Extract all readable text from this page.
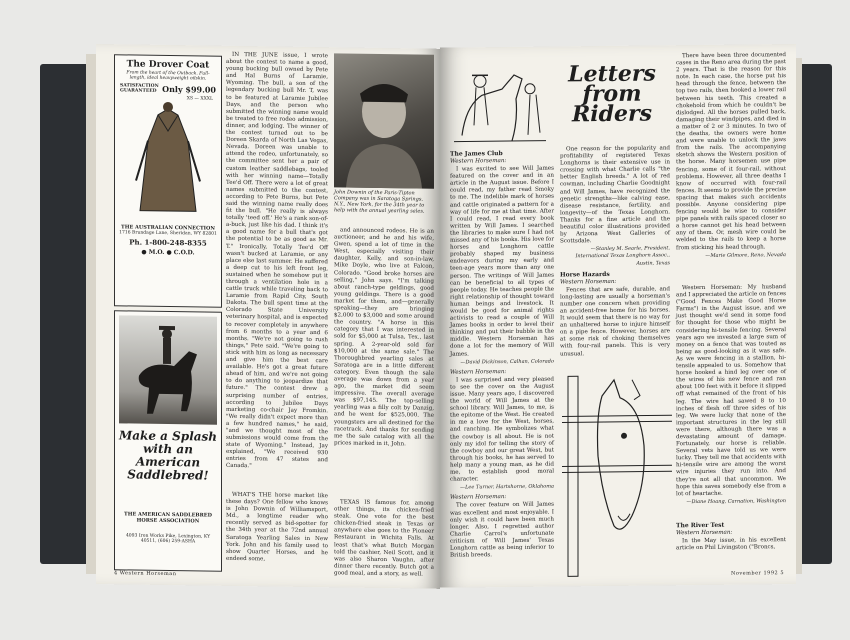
The Drover Coat
From the heart of the Outback. Full-length, ideal heavyweight oilskin.
SATISFACTION GUARANTEED Only $99.00
XS — XXXL
THE AUSTRALIAN CONNECTION
1716 Brundage Lane, Sheridan, WY 82801
Ph. 1-800-248-8355
● M.O. ● C.O.D.
Make a Splash with an American Saddlebred!
THE AMERICAN SADDLEBRED HORSE ASSOCIATION
4093 Iron Works Pike, Lexington, KY 40511, (606) 259-ASHA

IN THE JUNE issue, I wrote about the contest to name a good, young bucking bull owned by Pete and Hal Burns of Laramie, Wyoming. The bull, a son of the legendary bucking bull Mr. T, was to be featured at Laramie Jubilee Days, and the person who submitted the winning name would be treated to free rodeo admission, dinner, and lodging. The winner of the contest turned out to be Doreen Skarda of North Las Vegas, Nevada. Doreen was unable to attend the rodeo, unfortunately, so the committee sent her a pair of custom leather saddlebags, tooled with her winning name—Totally Tee'd Off. There were a lot of great names submitted to the contest, according to Pete Burns, but Pete said the winning name really does fit the bull. "He really is always totally 'teed off.' He's a rank son-of-a-buck, just like his dad. I think it's a good name for a bull that's got the potential to be as good as Mr. T." Ironically, Totally Tee'd Off wasn't bucked at Laramie, or any place else last summer. He suffered a deep cut to his left front leg, sustained when he somehow put it through a ventilation hole in a cattle truck while traveling back to Laramie from Rapid City, South Dakota. The bull spent time at the Colorado State University veterinary hospital, and is expected to recover completely in anywhere from 6 months to a year and 6 months. "We're not going to rush things," Pete said. "We're going to stick with him as long as necessary and give him the best care available. He's got a great future ahead of him, and we're not going to do anything to jeopardize that future." The contest drew a surprising number of entries, according to Jubilee Days marketing co-chair Jay Fromkin. "We really didn't expect more than a few hundred names," he said, "and we thought most of the submissions would come from the state of Wyoming." Instead, Jay explained, "We received 930 entries from 47 states and Canada."

WHAT'S THE horse market like these days? One fellow who knows is John Downin of Williamsport, Md., a longtime reader who recently served as bid-spotter for the 34th year at the 72nd annual Saratoga Yearling Sales in New York. John and his family used to show Quarter Horses, and he endeed some,

John Downin of the Paris-Tipton Company was in Saratoga Springs, N.Y., New York, for the 34th year to help with the annual yearling sales.

and announced rodeos. He is an auctioneer, and he and his wife, Gwen, spend a lot of time in the West, especially visiting their daughter, Kelly, and son-in-law, Mike Doyle, who live at Falcon, Colorado. "Good broke horses are selling," John says. "I'm talking about ranch-type geldings, good young geldings. There is a good market for them, and—generally speaking—they are bringing $2,000 to $3,000 and some around the country. "A horse in this category that I was interested in sold for $5,000 at Tulsa, Tex., last spring. A 2-year-old sold for $10,000 at the same sale." The Thoroughbred yearling sales at Saratoga are in a little different category. Even though the sale average was down from a year ago, the market did seem impressive. The overall average was $97,145. The top-selling yearling was a filly colt by Danzig, and he went for $525,000. The youngsters are all destined for the racetrack. And thanks for sending me the sale catalog with all the prices marked in it, John.

TEXAS IS famous for, among other things, its chicken-fried steak. One vote for the best chicken-fried steak in Texas or anywhere else goes to the Pioneer Restaurant in Wichita Falls. At least that's what Butch Morgan told the cashier, Neil Scott, and it was also Sharon Vaughn, after dinner there recently. Butch got a good meal, and a story, as well.

4 Western Horseman
Letters from Riders
The James Club

Western Horseman:

I was excited to see Will James featured on the cover and in an article in the August issue. Before I could read, my father read Smoky to me. The indelible mark of horses and cattle originated a pattern for a way of life for me at that time. After I could read, I read every book written by Will James. I searched the libraries to make sure I had not missed any of his books. His love for horses and Longhorn cattle probably shaped my business endeavors during my early and teen-age years more than any one person. The writings of Will James can be beneficial to all types of people today. He teaches people the right relationship of thought toward human beings and livestock. It would be good for animal rights activists to read a couple of Will James books in order to level their thinking and put their bubble in the middle. Western Horseman has done a lot for the memory of Will James.

—David Dickinson, Calhan, Colorado

Western Horseman:

I was surprised and very pleased to see the cover on the August issue. Many years ago, I discovered the world of Will James at the school library. Will James, to me, is the epitome of the West. He created in me a love for the West, horses, and ranching. He symbolizes what the cowboy is all about. He is not only my idol for telling the story of the cowboy and our great West, but through his books, he has served to help many a young man, as he did me, to establish good moral character.

—Lee Turner, Hartshorne, Oklahoma

Western Horseman:

The cover feature on Will James was excellent and most enjoyable. I only wish it could have been much longer. Also, I regretted author Charlie Carrol's unfortunate criticism of Will James' Texas Longhorn cattle as being inferior to British breeds.

One reason for the popularity and profitability of registered Texas Longhorns is their extensive use in crossing with what Charlie calls "the better English breeds." A lot of red cowman, including Charlie Goodnight and Will James, have recognized the genetic strengths—like calving ease, disease resistance, fertility, and longevity—of the Texas Longhorn. Thanks for a fine article and the beautiful color illustrations provided by Arizona West Galleries of Scottsdale.

—Stanley M. Searle, President, International Texas Longhorn Assoc., Austin, Texas
Horse Hazards

Western Horseman:

Fences that are safe, durable, and long-lasting are usually a horseman's number one concern when providing an accident-free home for his horses. It would seem that there is no way for an unhaltered horse to injure himself on a pipe fence. However, horses are at some risk of choking themselves with four-rail panels. This is very unusual.

There have been three documented cases in the Reno area during the past 2 years. That is the reason for this note. In each case, the horse put his head through the fence, between the top two rails, then hooked a lower rail between his teeth. This created a chokehold from which he couldn't be dislodged. All the horses pulled back, damaging their windpipes, and died in a matter of 2 or 3 minutes. In two of the deaths, the owners were home and were unable to unlock the jaws from the rails. The accompanying sketch shows the Western position of the horse. Many horsemen use pipe fencing, some of it four-rail, without problems. However, all three deaths I know of occurred with four-rail fences. It seems to provide the precise spacing that makes such accidents possible. Anyone considering pipe fencing would be wise to consider pipe panels with rails spaced closer so a horse cannot get his head between any of them. Or, mesh wire could be welded to the rails to keep a horse from sticking his head through.

—Marie Gilmore, Reno, Nevada

Western Horseman: My husband and I appreciated the article on fences ("Good Fences Make Good Horse Farms") in the August issue, and we just thought we'd send in some food for thought for those who might be considering hi-tensile fencing. Several years ago we invested a large sum of money on a fence that was touted as being as good-looking as it was safe. As we were fencing in a stallion, hi-tensile appealed to us. Somehow that horse hooked a hind leg over one of the wires of his new fence and ran about 100 feet with it before it slipped off what remained of the front of his leg. The wire had sawed 8 to 10 inches of flesh off three sides of his leg. We were lucky that none of the important structures in the leg still were there, although there was a devastating amount of damage. Fortunately, our horse is reliable. Several vets have told us we were lucky. They tell me that accidents with hi-tensile wire are among the worst wire injuries they run into. And they're not all that uncommon. We hope this saves somebody else from a lot of heartache.

—Diane Hoang, Carnation, Washington
The River Test

Western Horseman:

In the May issue, in his excellent article on Phil Livingston ("Broncs,

November 1992 5
